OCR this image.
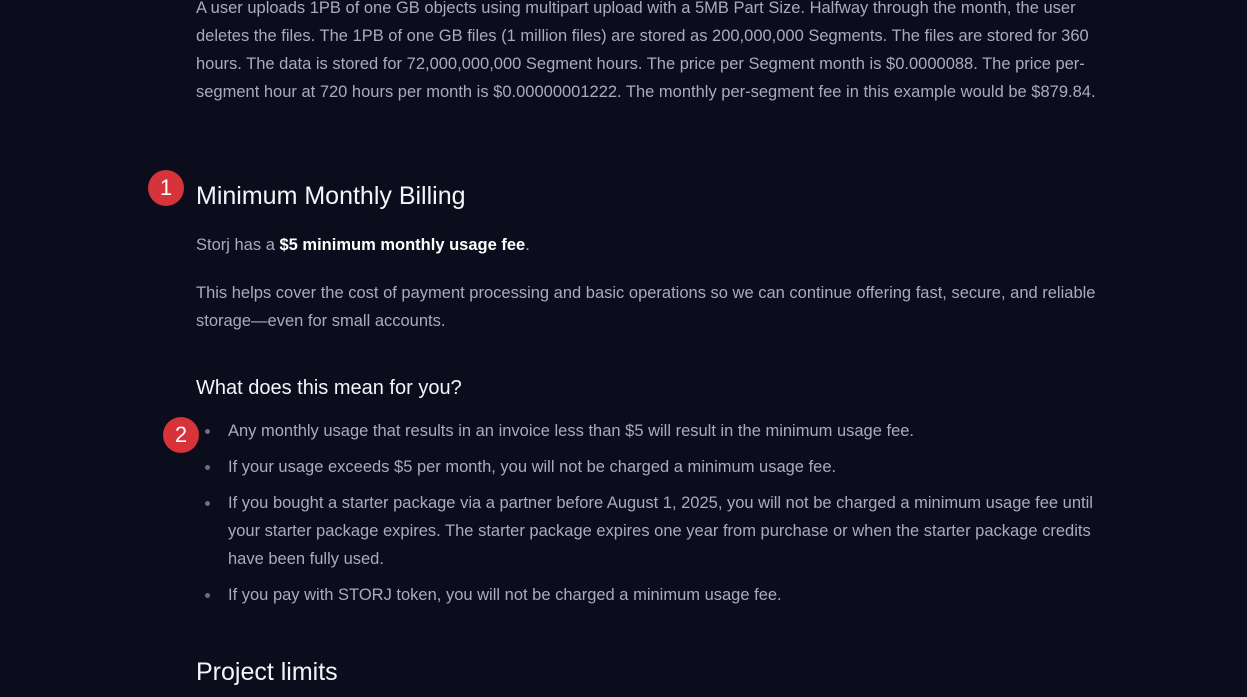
A user uploads 1PB of one GB objects using multipart upload with a 5MB Part Size. Halfway through the month, the user deletes the files. The 1PB of one GB files (1 million files) are stored as 200,000,000 Segments. The files are stored for 360 hours. The data is stored for 72,000,000,000 Segment hours. The price per Segment month is $0.0000088. The price per-segment hour at 720 hours per month is $0.00000001222. The monthly per-segment fee in this example would be $879.84.

Minimum Monthly Billing

Storj has a $5 minimum monthly usage fee.

This helps cover the cost of payment processing and basic operations so we can continue offering fast, secure, and reliable storage—even for small accounts.

What does this mean for you?
Any monthly usage that results in an invoice less than $5 will result in the minimum usage fee.
If your usage exceeds $5 per month, you will not be charged a minimum usage fee.
If you bought a starter package via a partner before August 1, 2025, you will not be charged a minimum usage fee until your starter package expires. The starter package expires one year from purchase or when the starter package credits have been fully used.
If you pay with STORJ token, you will not be charged a minimum usage fee.
Project limits
1
2
